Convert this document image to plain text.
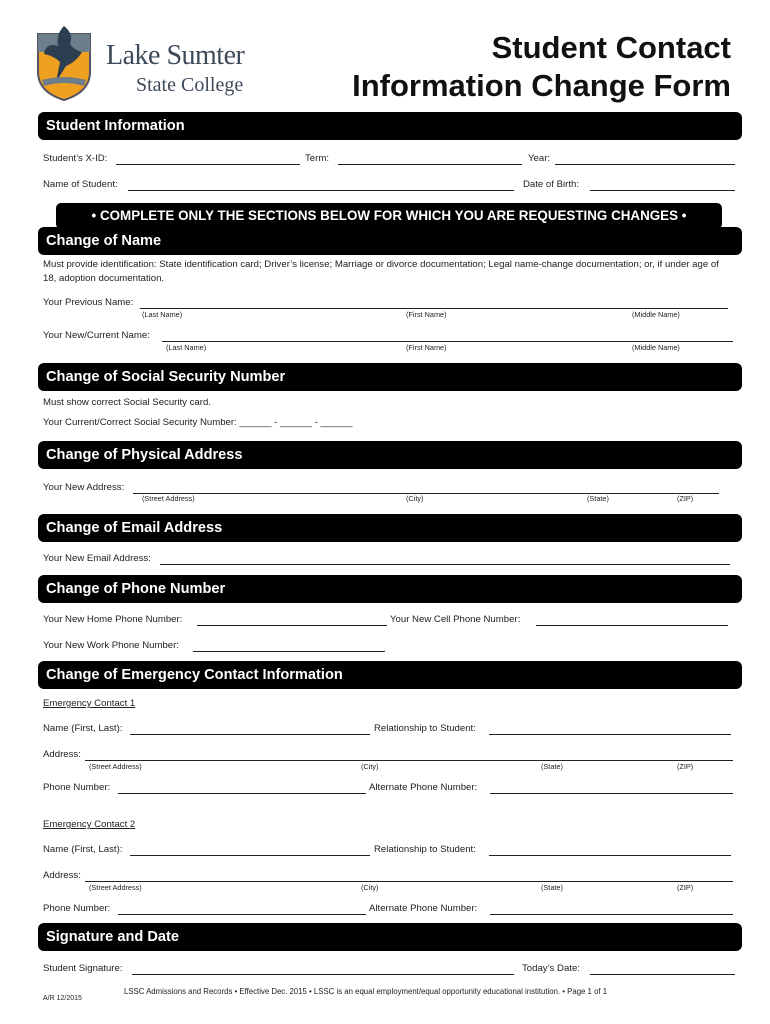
Lake Sumter
State College
Student Contact
Information Change Form
Student Information
Student’s X-ID:	Term:	Year:
Name of Student:	Date of Birth:
• COMPLETE ONLY THE SECTIONS BELOW FOR WHICH YOU ARE REQUESTING CHANGES •
Change of Name
Must provide identification: State identification card; Driver’s license; Marriage or divorce documentation; Legal name-change documentation; or, if under age of 18, adoption documentation.
Your Previous Name:
(Last Name)	(First Name)	(Middle Name)
Your New/Current Name:
(Last Name)	(First Name)	(Middle Name)
Change of Social Security Number
Must show correct Social Security card.
Your Current/Correct Social Security Number: ______ - ______ - ______
Change of Physical Address
Your New Address:
(Street Address)	(City)	(State)	(ZIP)
Change of Email Address
Your New Email Address:
Change of Phone Number
Your New Home Phone Number:	Your New Cell Phone Number:
Your New Work Phone Number:
Change of Emergency Contact Information
Emergency Contact 1
Name (First, Last):	Relationship to Student:
Address:
(Street Address)	(City)	(State)	(ZIP)
Phone Number:	Alternate Phone Number:
Emergency Contact 2
Name (First, Last):	Relationship to Student:
Address:
(Street Address)	(City)	(State)	(ZIP)
Phone Number:	Alternate Phone Number:
Signature and Date
Student Signature:	Today’s Date:
A/R 12/2015
LSSC Admissions and Records • Effective Dec. 2015 • LSSC is an equal employment/equal opportunity educational institution. • Page 1 of 1
